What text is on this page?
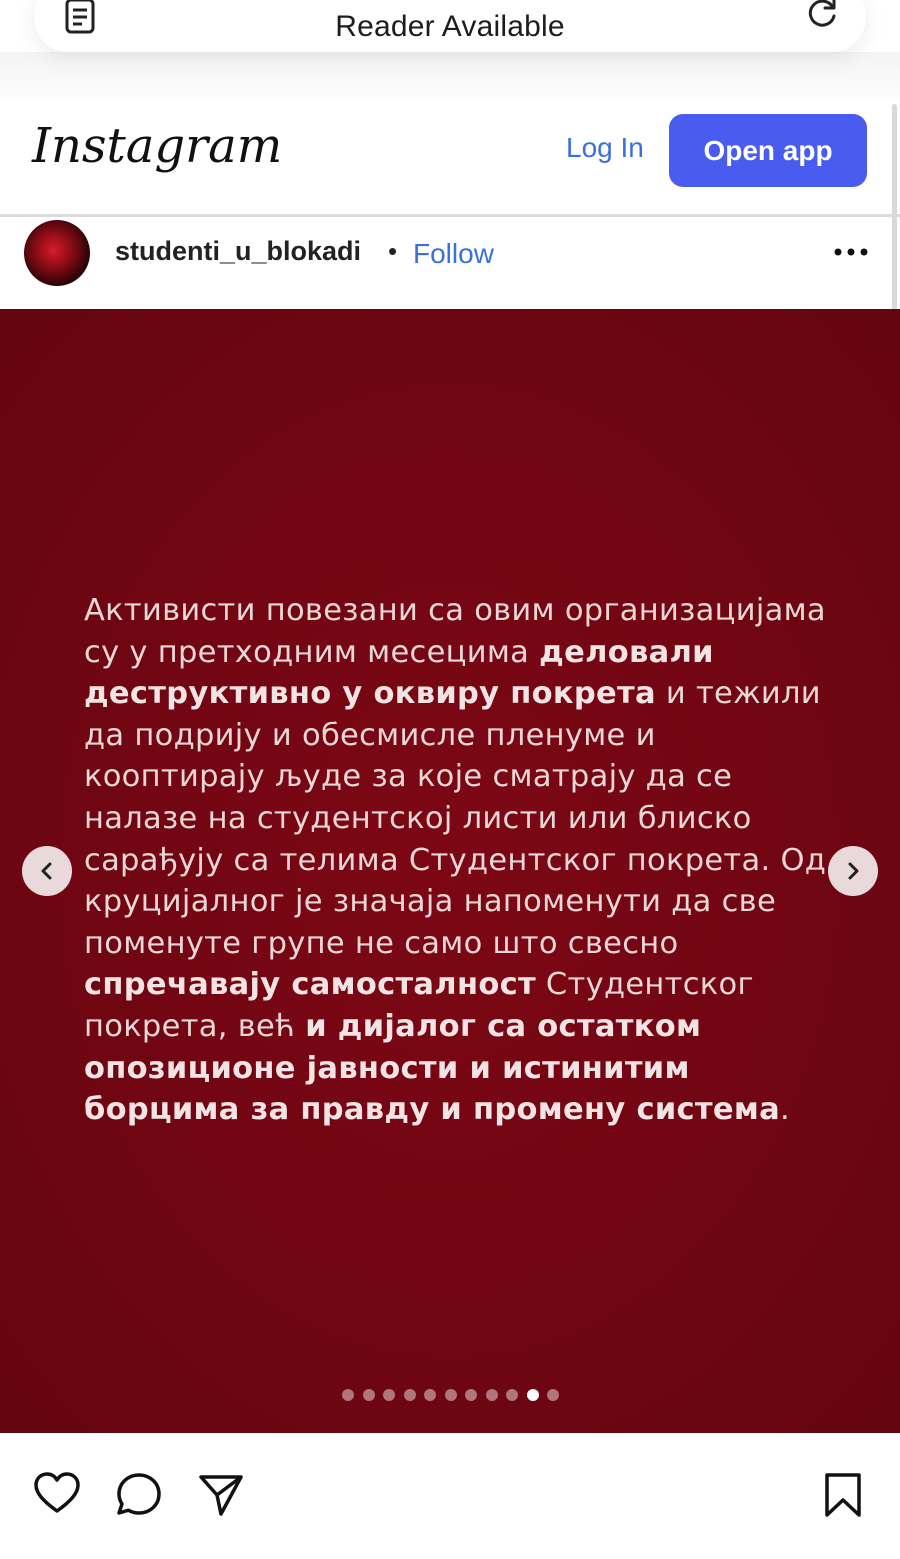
Reader Available
Instagram	Log In	Open app
studenti_u_blokadi • Follow
Активисти повезани са овим организацијама су у претходним месецима деловали деструктивно у оквиру покрета и тежили да подрију и обесмисле пленуме и кооптирају људе за које сматрају да се налазе на студентској листи или блиско сарађују са телима Студентског покрета. Од круцијалног је значаја напоменути да све поменуте групе не само што свесно спречавају самосталност Студентског покрета, већ и дијалог са остатком опозиционе јавности и истинитим борцима за правду и промену система.
